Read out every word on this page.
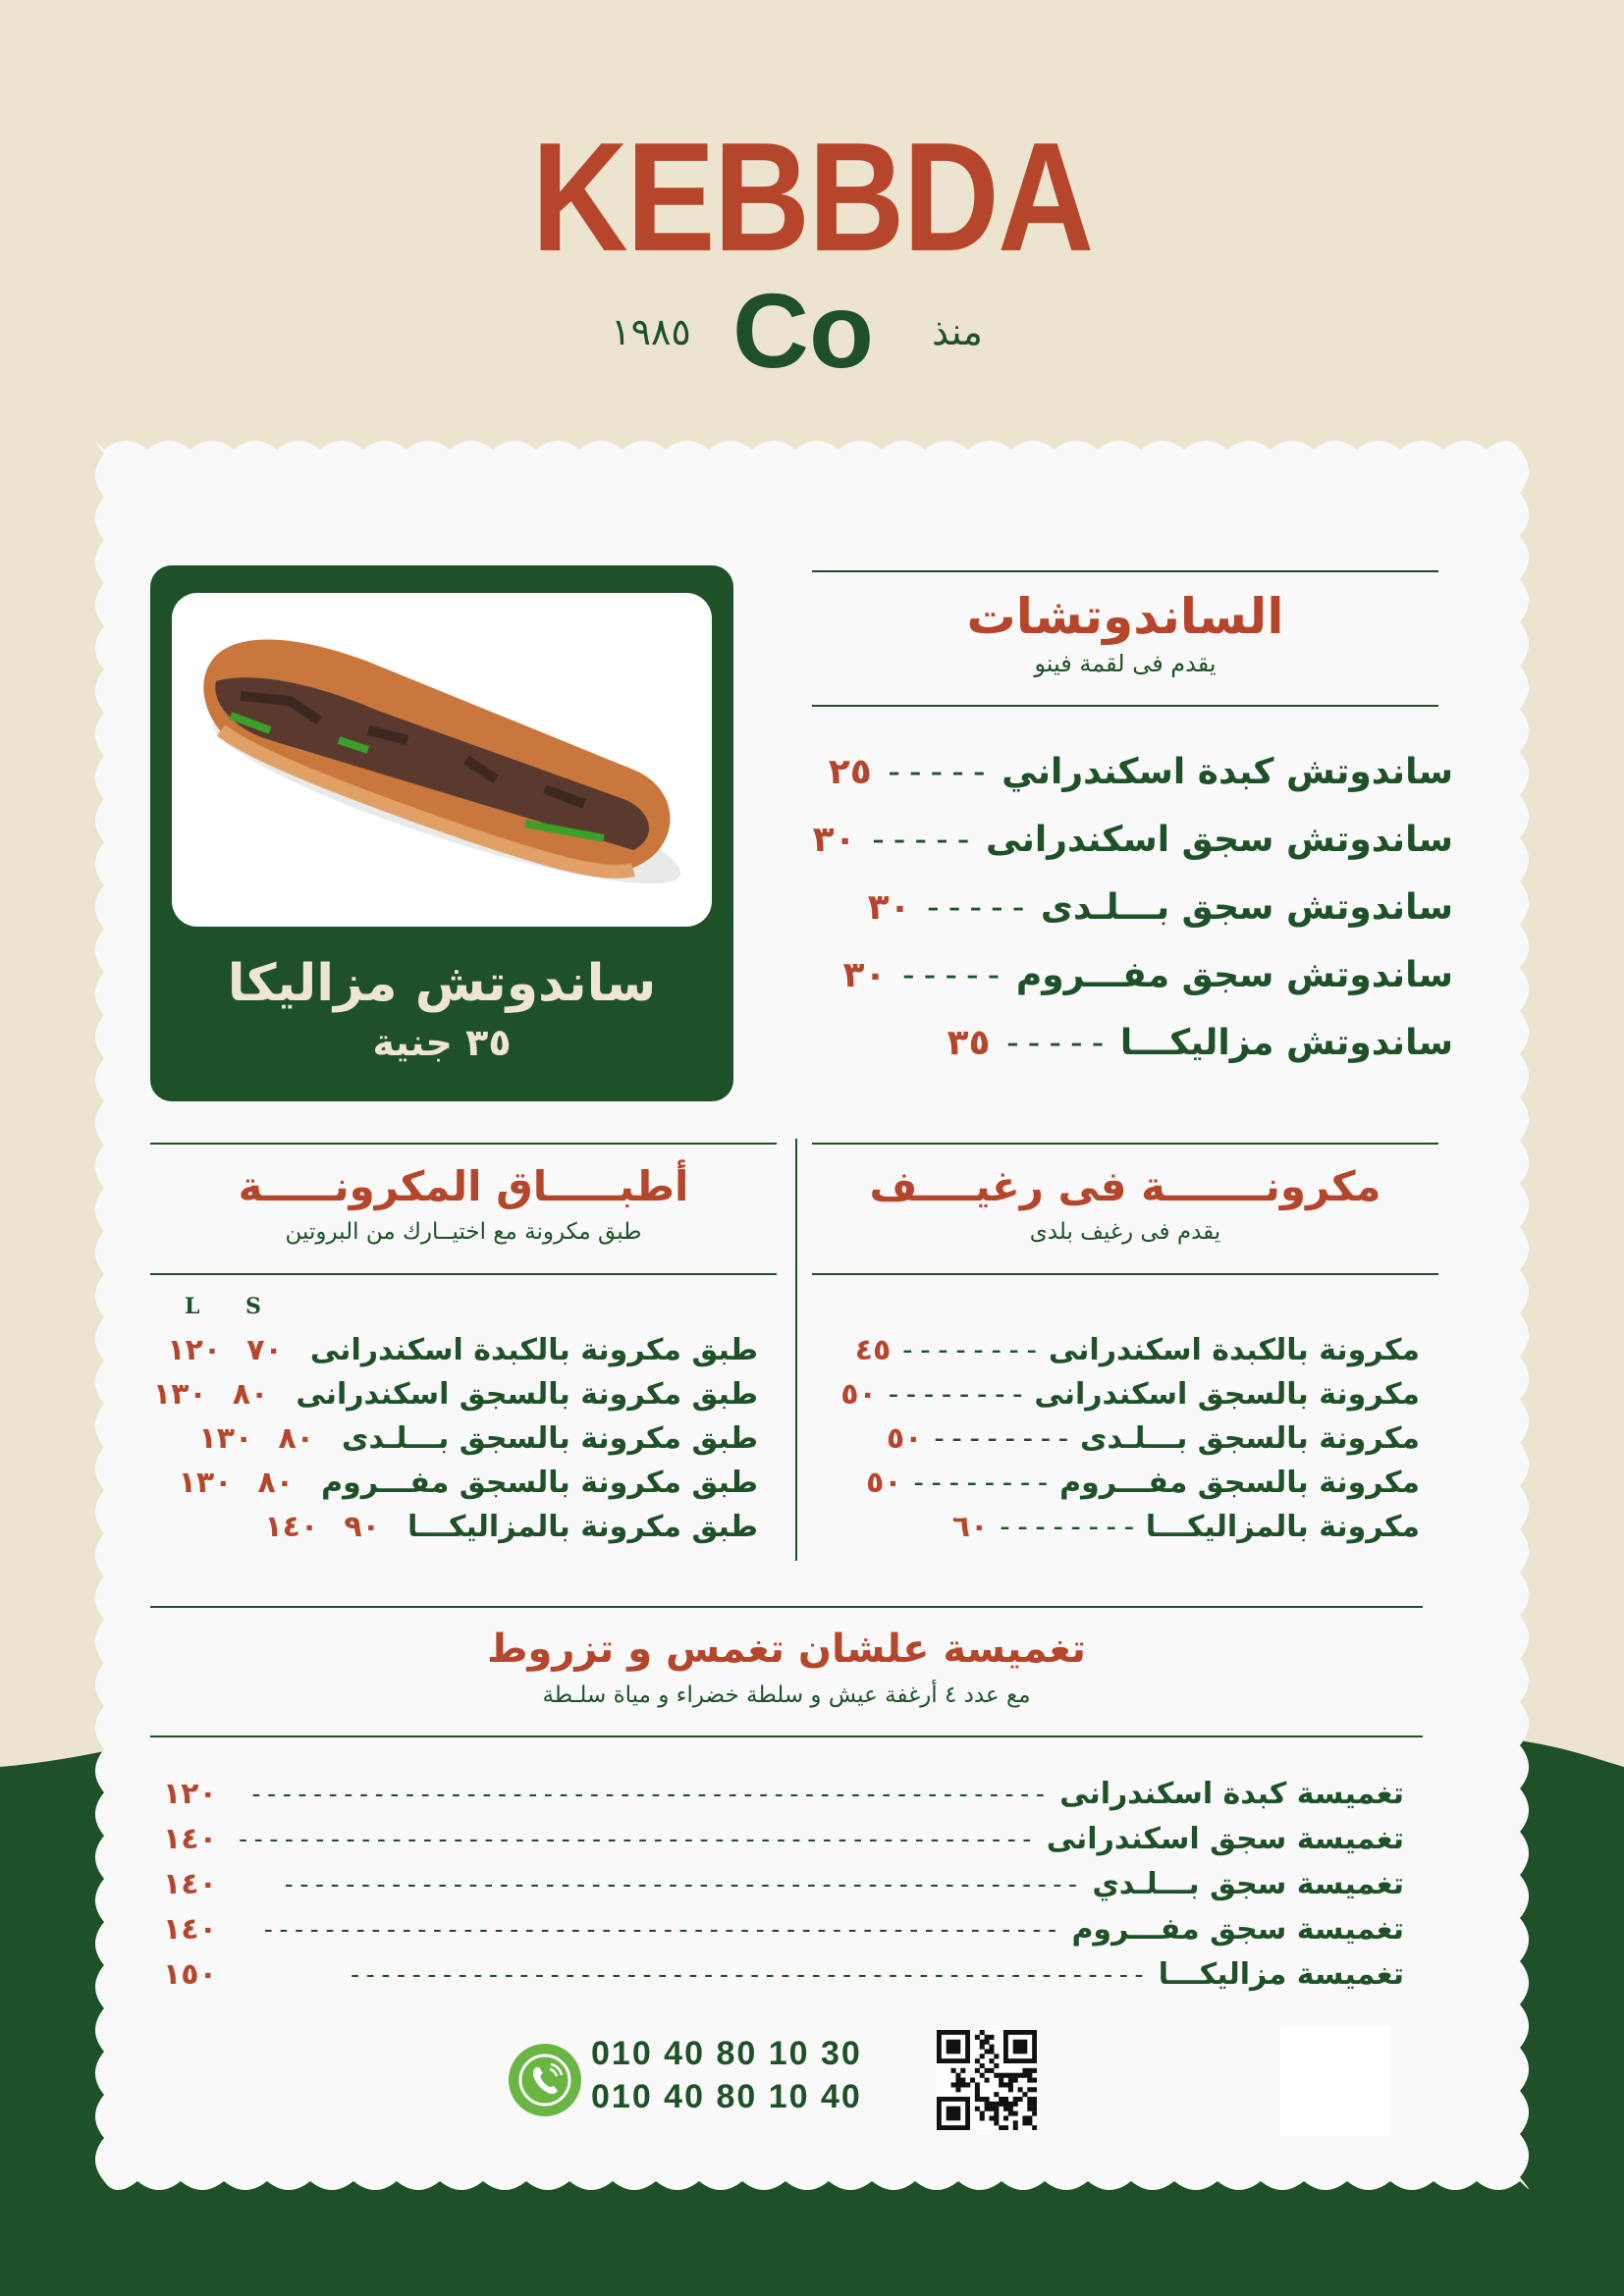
KEBBDA
منذ
Co
١٩٨٥
ساندوتش مزاليكا
٣٥ جنية
الساندوتشات
يقدم فى لقمة فينو
ساندوتش كبدة اسكندراني
-----
٢٥
ساندوتش سجق اسكندرانى
-----
٣٠
ساندوتش سجق بـــلـدى
-----
٣٠
ساندوتش سجق مفـــروم
-----
٣٠
ساندوتش مزاليكـــا
-----
٣٥
مكرونـــــــة فى رغيــــف
يقدم فى رغيف بلدى
أطبـــــاق المكرونـــــة
طبق مكرونة مع اختيــارك من البروتين
L S
مكرونة بالكبدة اسكندرانى
--------
٤٥
مكرونة بالسجق اسكندرانى
--------
٥٠
مكرونة بالسجق بـــلـدى
--------
٥٠
مكرونة بالسجق مفـــروم
--------
٥٠
مكرونة بالمزاليكـــا
--------
٦٠
طبق مكرونة بالكبدة اسكندرانى
٧٠
١٢٠
طبق مكرونة بالسجق اسكندرانى
٨٠
١٣٠
طبق مكرونة بالسجق بـــلـدى
٨٠
١٣٠
طبق مكرونة بالسجق مفـــروم
٨٠
١٣٠
طبق مكرونة بالمزاليكـــا
٩٠
١٤٠
تغميسة علشان تغمس و تزروط
مع عدد ٤ أرغفة عيش و سلطة خضراء و مياة سلـطة
تغميسة كبدة اسكندرانى
----------------------------------------------------
١٢٠
تغميسة سجق اسكندرانى
----------------------------------------------------
١٤٠
تغميسة سجق بـــلـدي
----------------------------------------------------
١٤٠
تغميسة سجق مفـــروم
----------------------------------------------------
١٤٠
تغميسة مزاليكـــا
----------------------------------------------------
١٥٠
010 40 80 10 30
010 40 80 10 40
